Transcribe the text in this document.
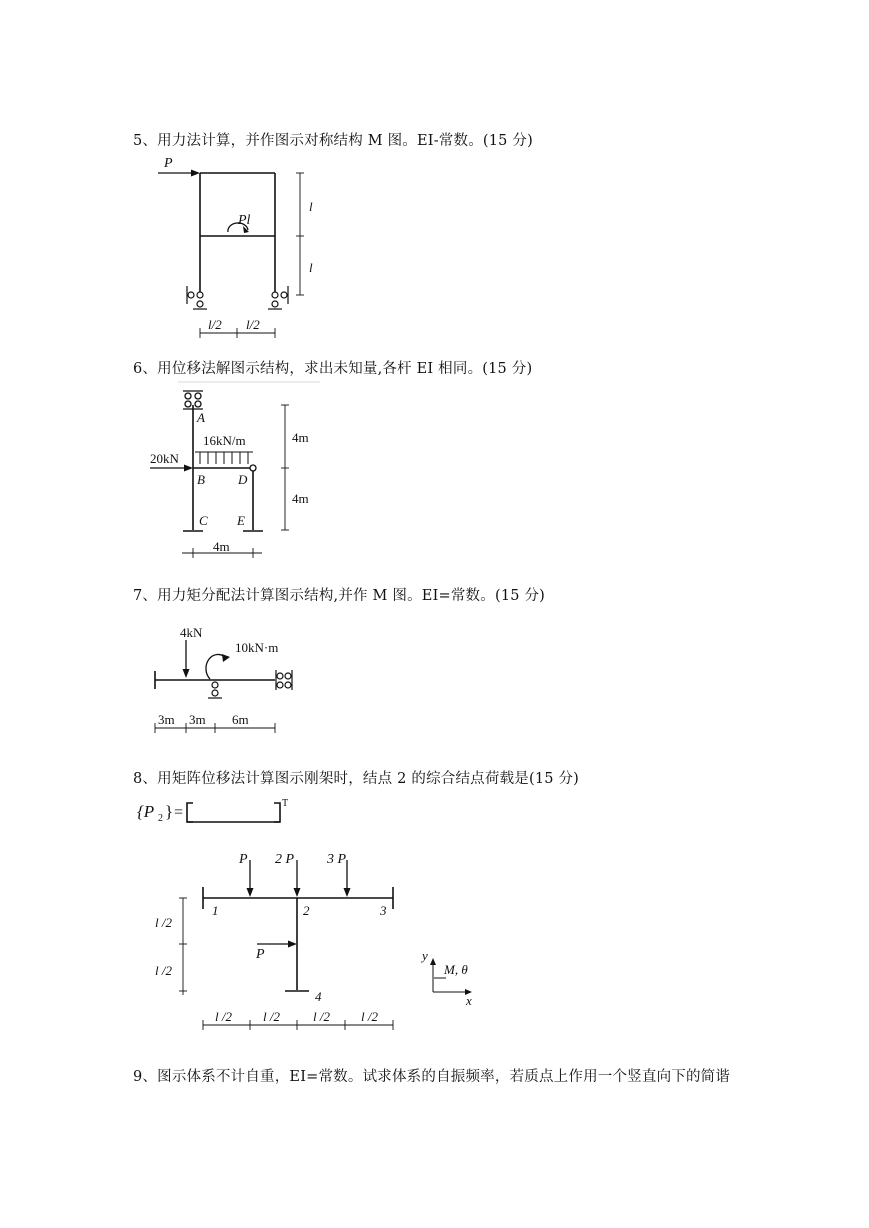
5、用力法计算，并作图示对称结构 M 图。EI-常数。(15 分)
6、用位移法解图示结构，求出未知量,各杆 EI 相同。(15 分)
7、用力矩分配法计算图示结构,并作 M 图。EI=常数。(15 分)
8、用矩阵位移法计算图示刚架时，结点 2 的综合结点荷载是(15 分)
9、图示体系不计自重，EI=常数。试求体系的自振频率，若质点上作用一个竖直向下的简谐
P
Pl
l
l
l/2 l/2
A
B
C
D
E
16kN/m
20kN
4m
4m
4m
4kN
10kN·m
3m 3m 6m
{P 2 } =
T
P 2 P 3 P
P
1	2	3
4
l /2
l /2
l /2 l /2	l /2 l /2
y
M, θ
x
